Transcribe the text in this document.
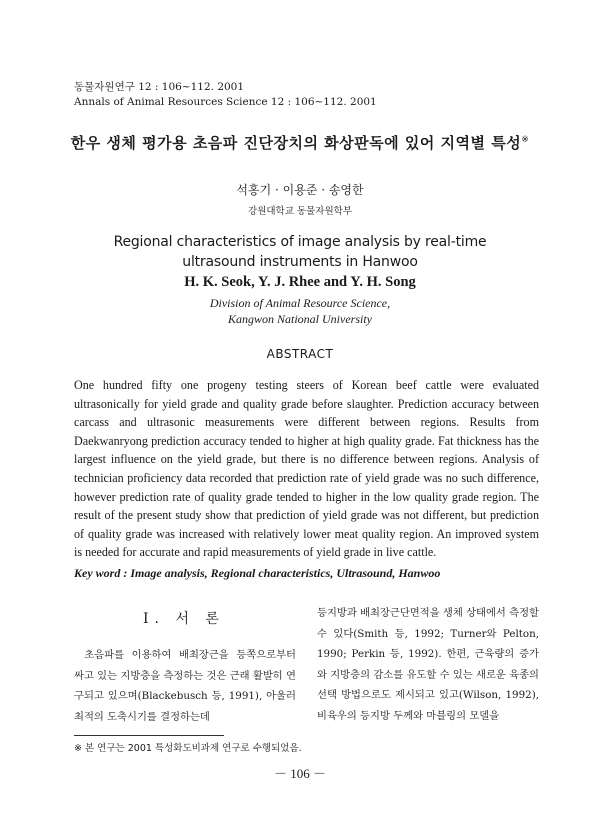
동물자원연구 12 : 106~112. 2001
Annals of Animal Resources Science 12 : 106~112. 2001
한우 생체 평가용 초음파 진단장치의 화상판독에 있어 지역별 특성※
석홍기 · 이용준 · 송영한
강원대학교 동물자원학부
Regional characteristics of image analysis by real-time
ultrasound instruments in Hanwoo
H. K. Seok, Y. J. Rhee and Y. H. Song
Division of Animal Resource Science,
Kangwon National University
ABSTRACT
One hundred fifty one progeny testing steers of Korean beef cattle were evaluated ultrasonically for yield grade and quality grade before slaughter. Prediction accuracy between carcass and ultrasonic measurements were different between regions. Results from Daekwanryong prediction accuracy tended to higher at high quality grade. Fat thickness has the largest influence on the yield grade, but there is no difference between regions. Analysis of technician proficiency data recorded that prediction rate of yield grade was no such difference, however prediction rate of quality grade tended to higher in the low quality grade region. The result of the present study show that prediction of yield grade was not different, but prediction of quality grade was increased with relatively lower meat quality region. An improved system is needed for accurate and rapid measurements of yield grade in live cattle.
Key word : Image analysis, Regional characteristics, Ultrasound, Hanwoo
Ⅰ. 서 론

초음파를 이용하여 배최장근을 등쪽으로부터 싸고 있는 지방층을 측정하는 것은 근래 활발히 연구되고 있으며(Blackebusch 등, 1991), 아울러 최적의 도축시기를 결정하는데

등지방과 배최장근단면적을 생체 상태에서 측정할 수 있다(Smith 등, 1992; Turner와 Pelton, 1990; Perkin 등, 1992). 한편, 근육량의 증가와 지방층의 감소를 유도할 수 있는 새로운 육종의 선택 방법으로도 제시되고 있고(Wilson, 1992), 비육우의 등지방 두께와 마블링의 모델을

※ 본 연구는 2001 특성화도비과제 연구로 수행되었음.
－ 106 －
